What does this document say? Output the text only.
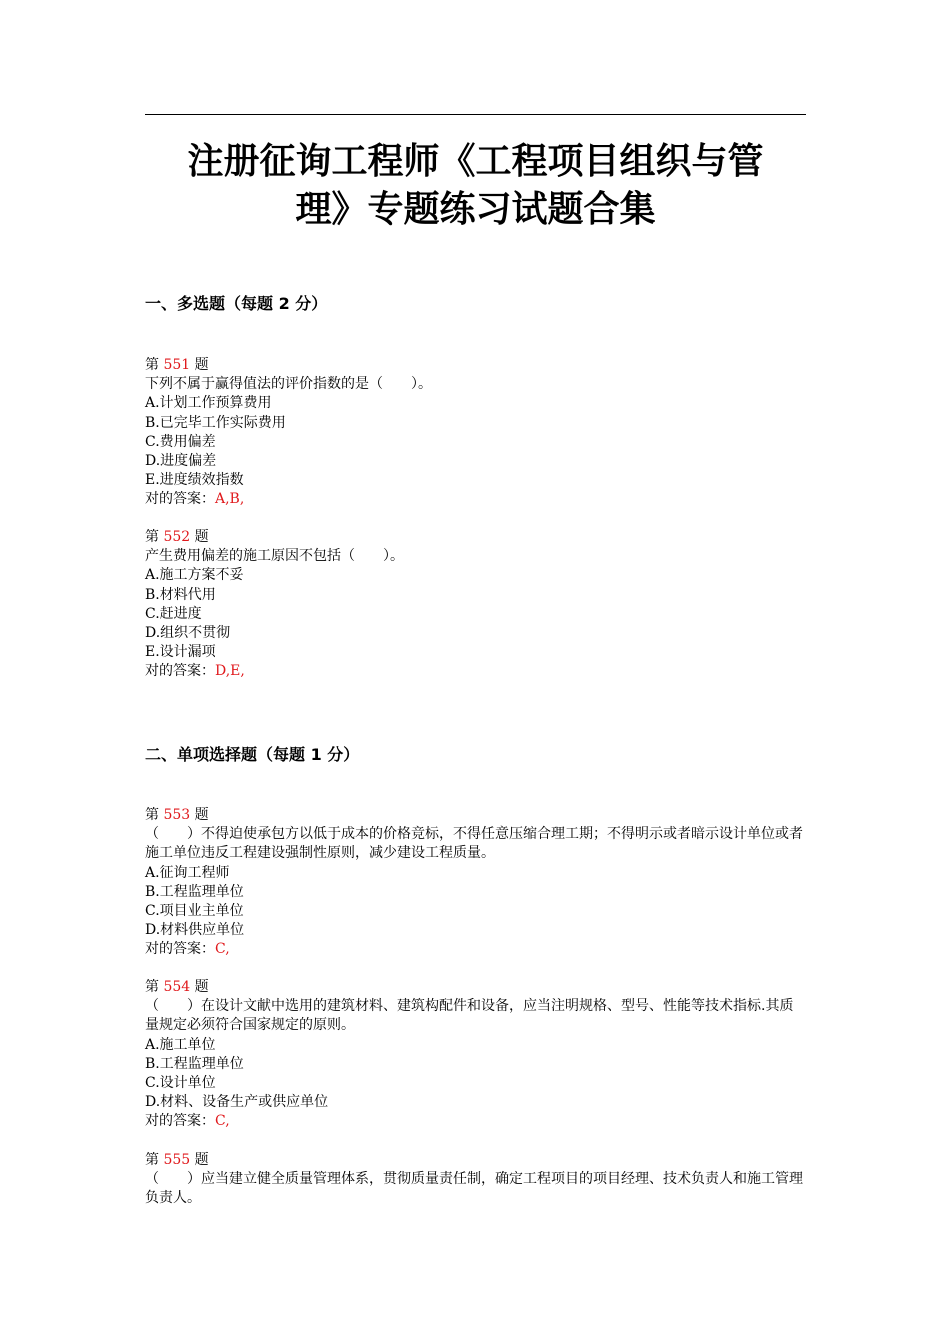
注册征询工程师《工程项目组织与管
理》专题练习试题合集
一、多选题（每题 2 分）
第 551 题
下列不属于赢得值法的评价指数的是（　　）。
A.计划工作预算费用
B.已完毕工作实际费用
C.费用偏差
D.进度偏差
E.进度绩效指数
对的答案：A,B,
第 552 题
产生费用偏差的施工原因不包括（　　）。
A.施工方案不妥
B.材料代用
C.赶进度
D.组织不贯彻
E.设计漏项
对的答案：D,E,
二、单项选择题（每题 1 分）
第 553 题
（　　）不得迫使承包方以低于成本的价格竞标，不得任意压缩合理工期；不得明示或者暗示设计单位或者施工单位违反工程建设强制性原则，减少建设工程质量。
A.征询工程师
B.工程监理单位
C.项目业主单位
D.材料供应单位
对的答案：C,
第 554 题
（　　）在设计文献中选用的建筑材料、建筑构配件和设备，应当注明规格、型号、性能等技术指标.其质量规定必须符合国家规定的原则。
A.施工单位
B.工程监理单位
C.设计单位
D.材料、设备生产或供应单位
对的答案：C,
第 555 题
（　　）应当建立健全质量管理体系，贯彻质量责任制，确定工程项目的项目经理、技术负责人和施工管理负责人。
